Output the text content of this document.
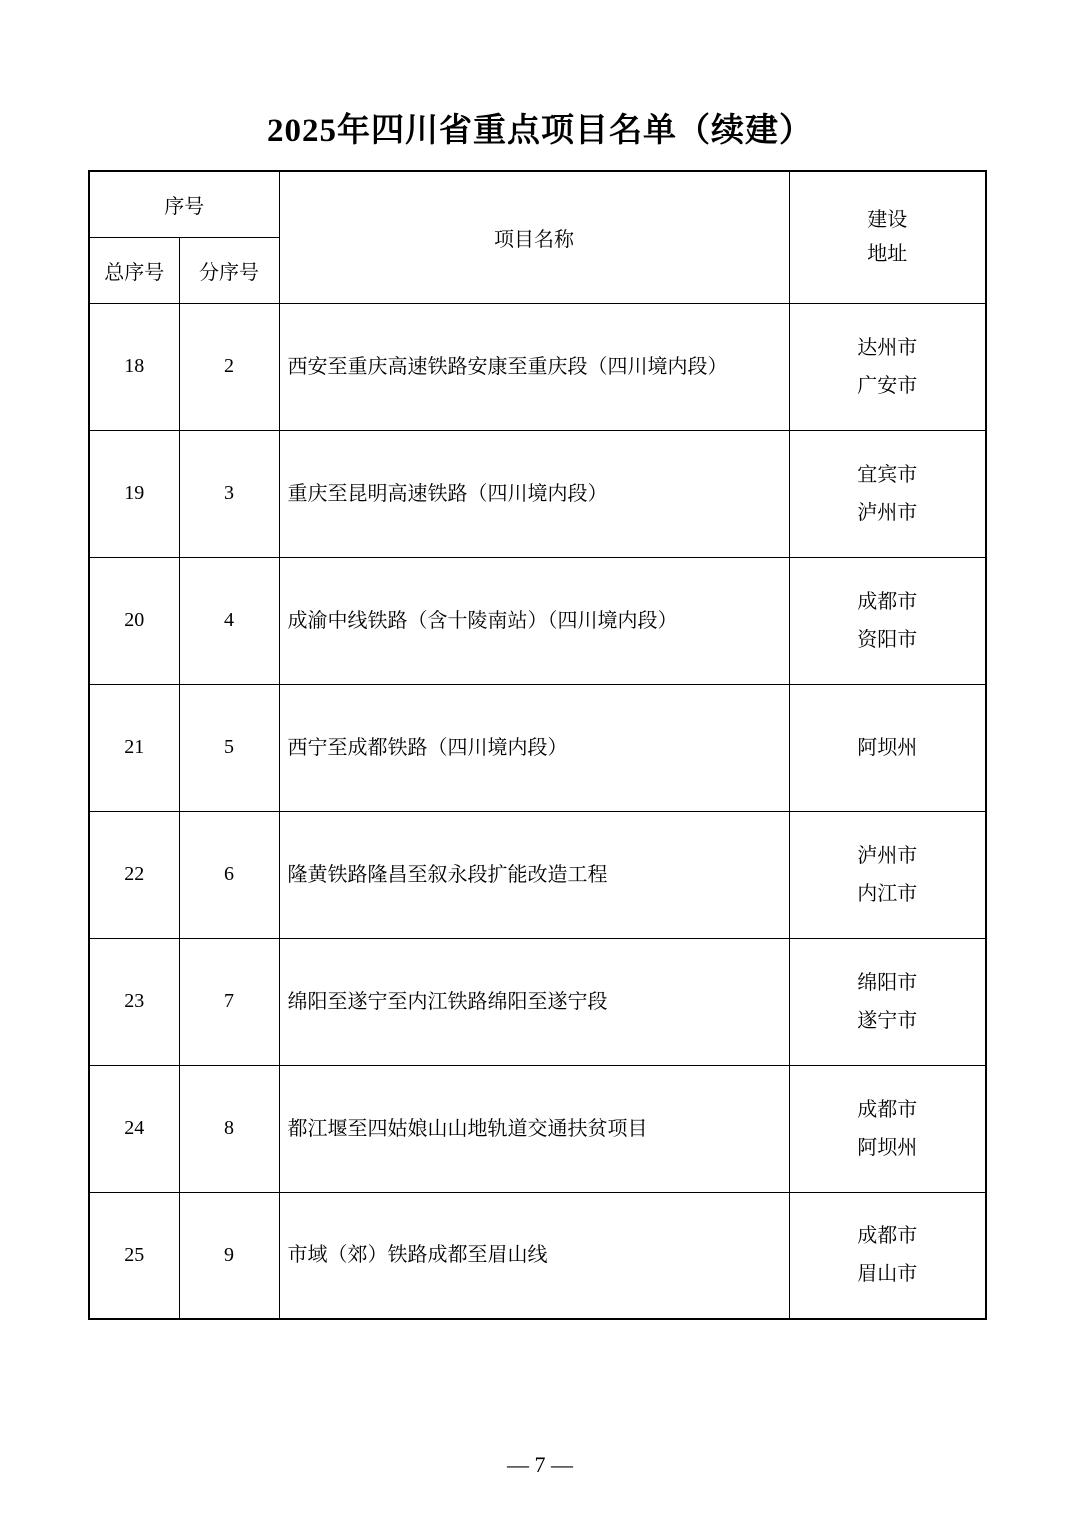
2025年四川省重点项目名单（续建）
序号		项目名称	建设
地址

总序号	分序号		
18	2	西安至重庆高速铁路安康至重庆段（四川境内段）	达州市
广安市

19	3	重庆至昆明高速铁路（四川境内段）	宜宾市
泸州市

20	4	成渝中线铁路（含十陵南站）（四川境内段）	成都市
资阳市

21	5	西宁至成都铁路（四川境内段）	阿坝州

22	6	隆黄铁路隆昌至叙永段扩能改造工程	泸州市
内江市

23	7	绵阳至遂宁至内江铁路绵阳至遂宁段	绵阳市
遂宁市

24	8	都江堰至四姑娘山山地轨道交通扶贫项目	成都市
阿坝州

25	9	市域（郊）铁路成都至眉山线	成都市
眉山市
— 7 —
